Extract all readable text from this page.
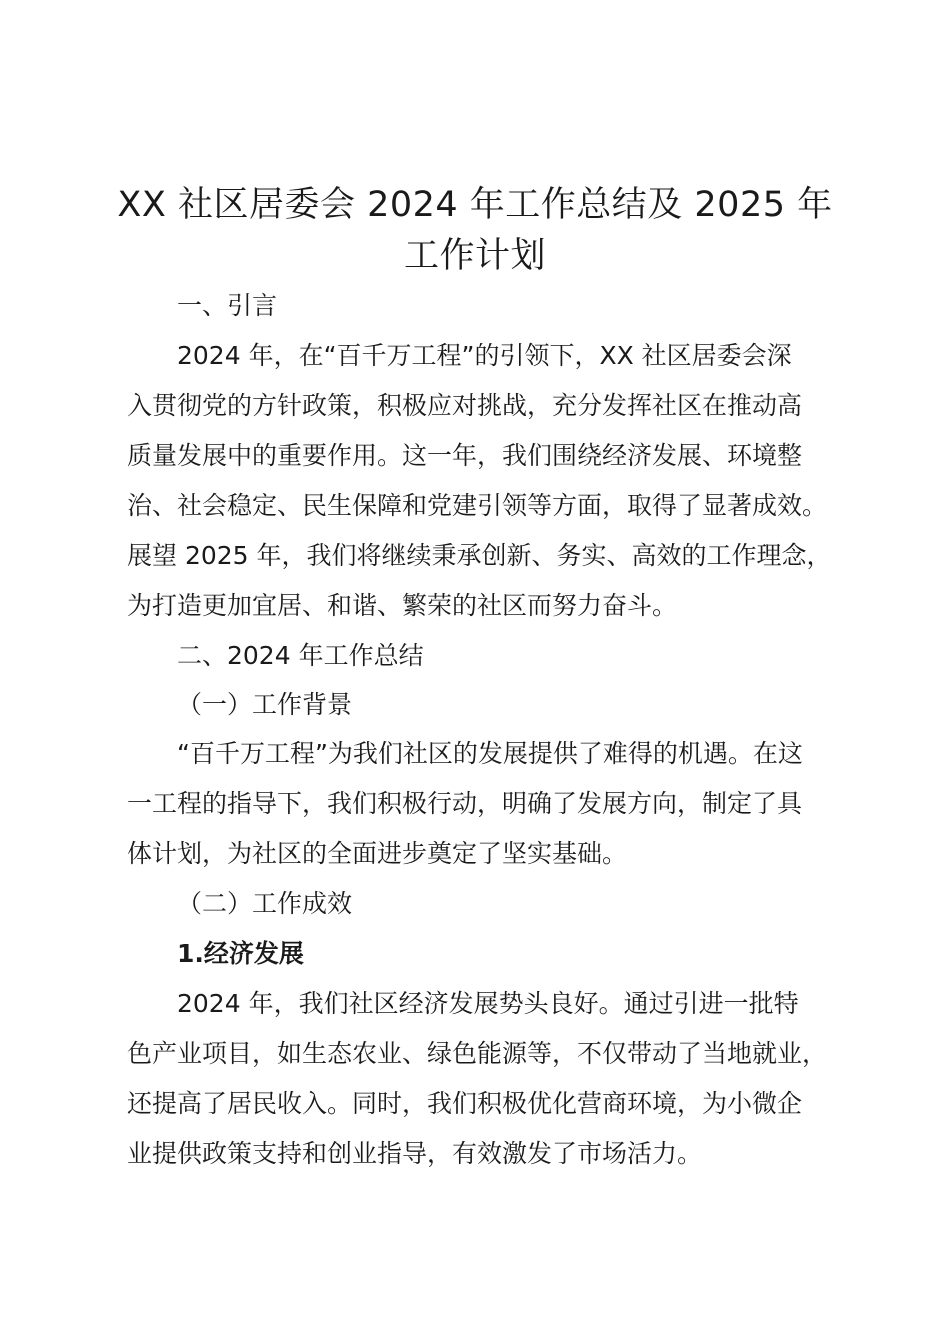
XX 社区居委会 2024 年工作总结及 2025 年
工作计划
一、引言
2024 年，在“百千万工程”的引领下，XX 社区居委会深
入贯彻党的方针政策，积极应对挑战，充分发挥社区在推动高
质量发展中的重要作用。这一年，我们围绕经济发展、环境整
治、社会稳定、民生保障和党建引领等方面，取得了显著成效。
展望 2025 年，我们将继续秉承创新、务实、高效的工作理念，
为打造更加宜居、和谐、繁荣的社区而努力奋斗。
二、2024 年工作总结
（一）工作背景
“百千万工程”为我们社区的发展提供了难得的机遇。在这
一工程的指导下，我们积极行动，明确了发展方向，制定了具
体计划，为社区的全面进步奠定了坚实基础。
（二）工作成效
1.经济发展
2024 年，我们社区经济发展势头良好。通过引进一批特
色产业项目，如生态农业、绿色能源等，不仅带动了当地就业，
还提高了居民收入。同时，我们积极优化营商环境，为小微企
业提供政策支持和创业指导，有效激发了市场活力。
